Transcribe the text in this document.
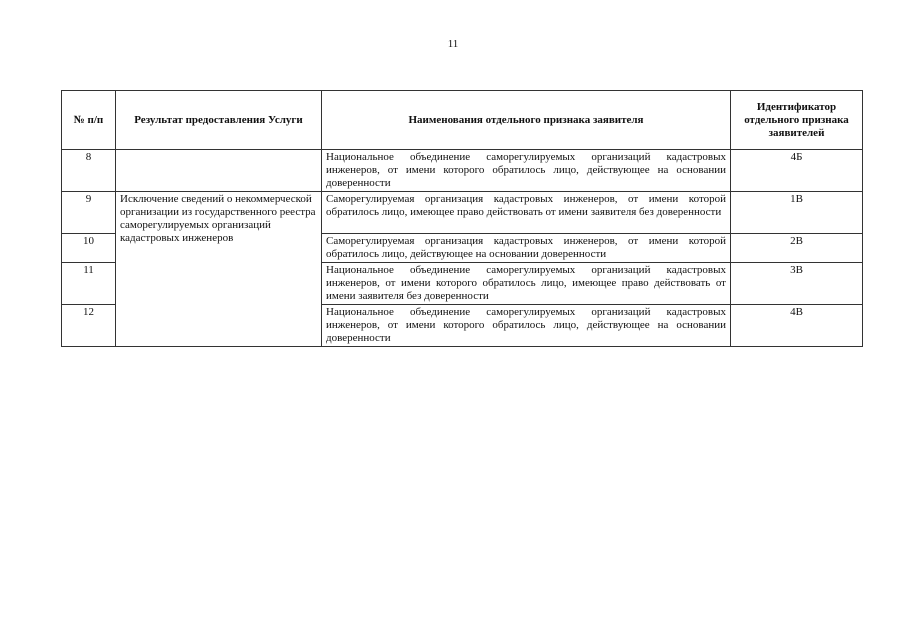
11
№ п/п	Результат предоставления Услуги	Наименования отдельного признака заявителя	Идентификатор отдельного признака заявителей
8		Национальное объединение саморегулируемых организаций кадастровых инженеров, от имени которого обратилось лицо, действующее на основании доверенности	4Б
9	Исключение сведений о некоммерческой организации из государственного реестра саморегулируемых организаций кадастровых инженеров	Саморегулируемая организация кадастровых инженеров, от имени которой обратилось лицо, имеющее право действовать от имени заявителя без доверенности	1В
10		Саморегулируемая организация кадастровых инженеров, от имени которой обратилось лицо, действующее на основании доверенности	2В
11		Национальное объединение саморегулируемых организаций кадастровых инженеров, от имени которого обратилось лицо, имеющее право действовать от имени заявителя без доверенности	3В
12		Национальное объединение саморегулируемых организаций кадастровых инженеров, от имени которого обратилось лицо, действующее на основании доверенности	4В
